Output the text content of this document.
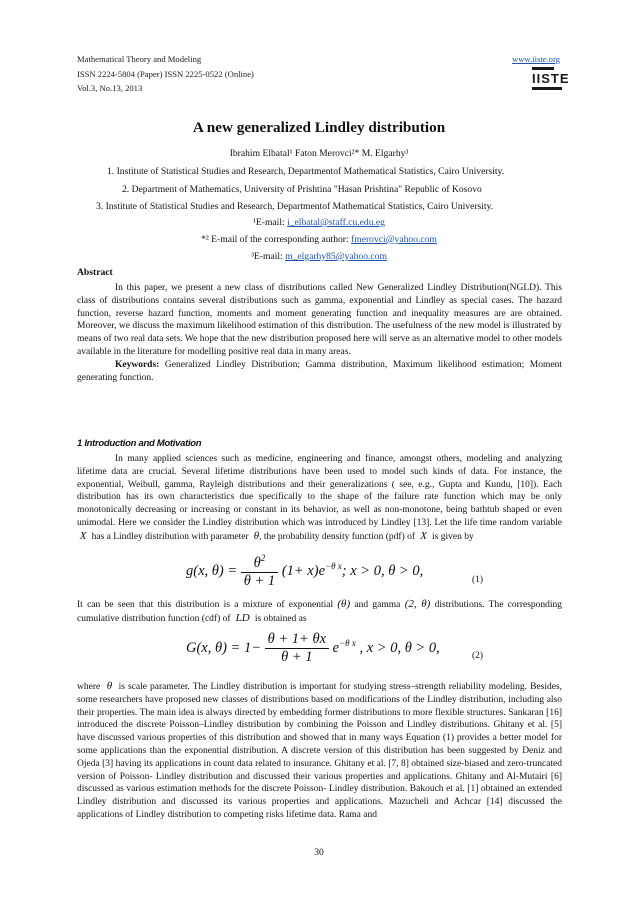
Mathematical Theory and Modeling
ISSN 2224-5804 (Paper) ISSN 2225-0522 (Online)
Vol.3, No.13, 2013
www.iiste.org
IISTE
A new generalized Lindley distribution
Ibrahim Elbatal¹ Faton Merovci²* M. Elgarhy³
1. Institute of Statistical Studies and Research, Departmentof Mathematical Statistics, Cairo University.
2. Department of Mathematics, University of Prishtina "Hasan Prishtina" Republic of Kosovo
3. Institute of Statistical Studies and Research, Departmentof Mathematical Statistics, Cairo University.
¹E-mail: i_elbatal@staff.cu.edu.eg
*² E-mail of the corresponding author: fmerovci@yahoo.com
³E-mail: m_elgarhy85@yahoo.com
Abstract

In this paper, we present a new class of distributions called New Generalized Lindley Distribution(NGLD). This class of distributions contains several distributions such as gamma, exponential and Lindley as special cases. The hazard function, reverse hazard function, moments and moment generating function and inequality measures are are obtained. Moreover, we discuss the maximum likelihood estimation of this distribution. The usefulness of the new model is illustrated by means of two real data sets. We hope that the new distribution proposed here will serve as an alternative model to other models available in the literature for modelling positive real data in many areas.

Keywords: Generalized Lindley Distribution; Gamma distribution, Maximum likelihood estimation; Moment generating function.

1 Introduction and Motivation

In many applied sciences such as medicine, engineering and finance, amongst others, modeling and analyzing lifetime data are crucial. Several lifetime distributions have been used to model such kinds of data. For instance, the exponential, Weibull, gamma, Rayleigh distributions and their generalizations ( see, e.g., Gupta and Kundu, [10]). Each distribution has its own characteristics due specifically to the shape of the failure rate function which may be only monotonically decreasing or increasing or constant in its behavior, as well as non-monotone, being bathtub shaped or even unimodal. Here we consider the Lindley distribution which was introduced by Lindley [13]. Let the life time random variable  X  has a Lindley distribution with parameter  θ, the probability density function (pdf) of  X  is given by

g(x, $\theta) = \frac{\theta^2}{\theta + 1} (1+ x)e^{-\theta x}$; x > 0, θ > 0,
(1)

It can be seen that this distribution is a mixture of exponential (θ) and gamma (2, θ) distributions. The corresponding cumulative distribution function (cdf) of  LD  is obtained as

G(x, $\theta) = 1- \frac{\theta + 1+ \theta x}{\theta + 1} e^{-\theta x}$ , x > 0, θ > 0,
(2)

where  θ  is scale parameter. The Lindley distribution is important for studying stress–strength reliability modeling. Besides, some researchers have proposed new classes of distributions based on modifications of the Lindley distribution, including also their properties. The main idea is always directed by embedding former distributions to more flexible structures. Sankaran [16] introduced the discrete Poisson–Lindley distribution by combining the Poisson and Lindley distributions. Ghitany et al. [5] have discussed various properties of this distribution and showed that in many ways Equation (1) provides a better model for some applications than the exponential distribution. A discrete version of this distribution has been suggested by Deniz and Ojeda [3] having its applications in count data related to insurance. Ghitany et al. [7, 8] obtained size-biased and zero-truncated version of Poisson- Lindley distribution and discussed their various properties and applications. Ghitany and Al-Mutairi [6] discussed as various estimation methods for the discrete Poisson- Lindley distribution. Bakouch et al. [1] obtained an extended Lindley distribution and discussed its various properties and applications. Mazucheli and Achcar [14] discussed the applications of Lindley distribution to competing risks lifetime data. Rama and

30
